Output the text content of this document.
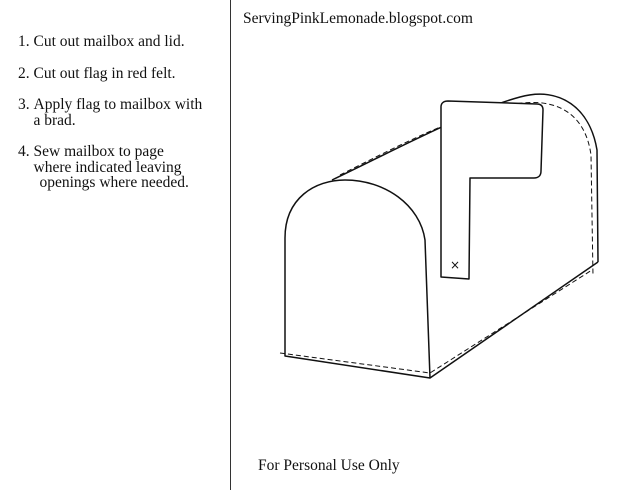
1. Cut out mailbox and lid.
2. Cut out flag in red felt.
3. Apply flag to mailbox with
a brad.
4. Sew mailbox to page
where indicated leaving
openings where needed.
ServingPinkLemonade.blogspot.com
×
For Personal Use Only
